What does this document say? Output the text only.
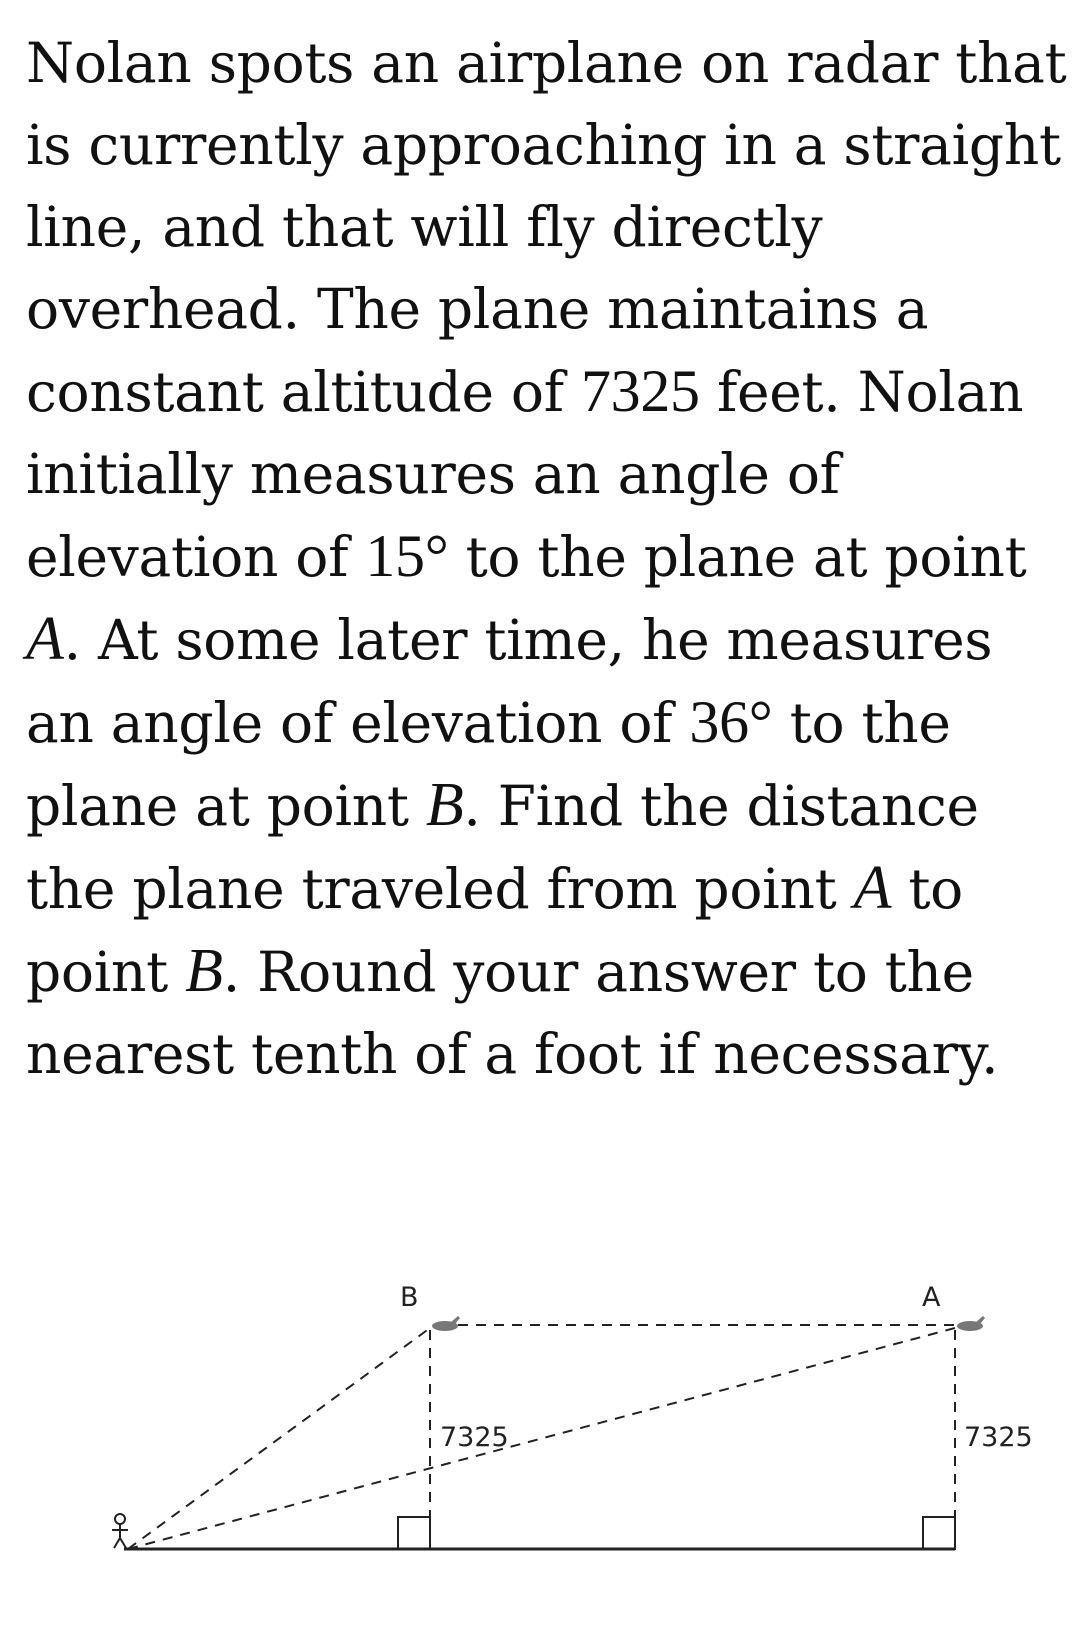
Nolan spots an airplane on radar that is currently approaching in a straight line, and that will fly directly overhead. The plane maintains a constant altitude of 7325 feet. Nolan initially measures an angle of elevation of 15° to the plane at point A. At some later time, he measures an angle of elevation of 36° to the plane at point B. Find the distance the plane traveled from point A to point B. Round your answer to the nearest tenth of a foot if necessary.

B	A
7325	7325
